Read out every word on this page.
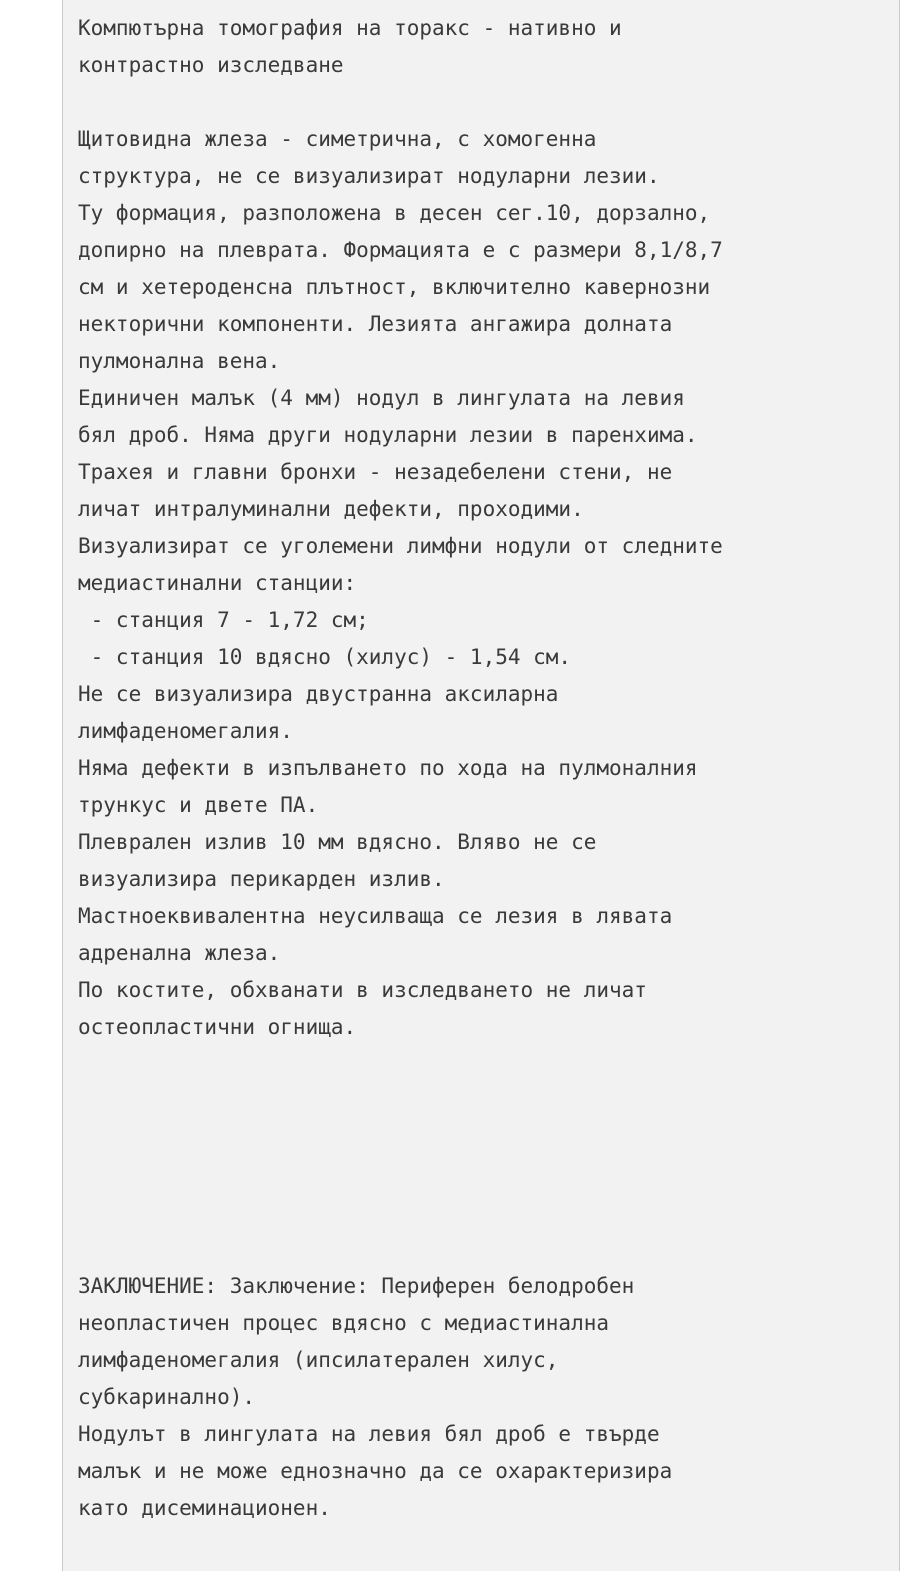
Компютърна томография на торакс - нативно и
контрастно изследване
Щитовидна жлеза - симетрична, с хомогенна
структура, не се визуализират нодуларни лезии.
Ту формация, разположена в десен сег.10, дорзално,
допирно на плеврата. Формацията е с размери 8,1/8,7
см и хетероденсна плътност, включително кавернозни
некторични компоненти. Лезията ангажира долната
пулмонална вена.
Единичен малък (4 мм) нодул в лингулата на левия
бял дроб. Няма други нодуларни лезии в паренхима.
Трахея и главни бронхи - незадебелени стени, не
личат интралуминални дефекти, проходими.
Визуализират се уголемени лимфни нодули от следните
медиастинални станции:
- станция 7 - 1,72 см;
- станция 10 вдясно (хилус) - 1,54 см.
Не се визуализира двустранна аксиларна
лимфаденомегалия.
Няма дефекти в изпълването по хода на пулмоналния
трункус и двете ПА.
Плеврален излив 10 мм вдясно. Вляво не се
визуализира перикарден излив.
Мастноеквивалентна неусилваща се лезия в лявата
адренална жлеза.
По костите, обхванати в изследването не личат
остеопластични огнища.
ЗАКЛЮЧЕНИЕ: Заключение: Периферен белодробен
неопластичен процес вдясно с медиастинална
лимфаденомегалия (ипсилатерален хилус,
субкаринално).
Нодулът в лингулата на левия бял дроб е твърде
малък и не може еднозначно да се охарактеризира
като дисеминационен.
